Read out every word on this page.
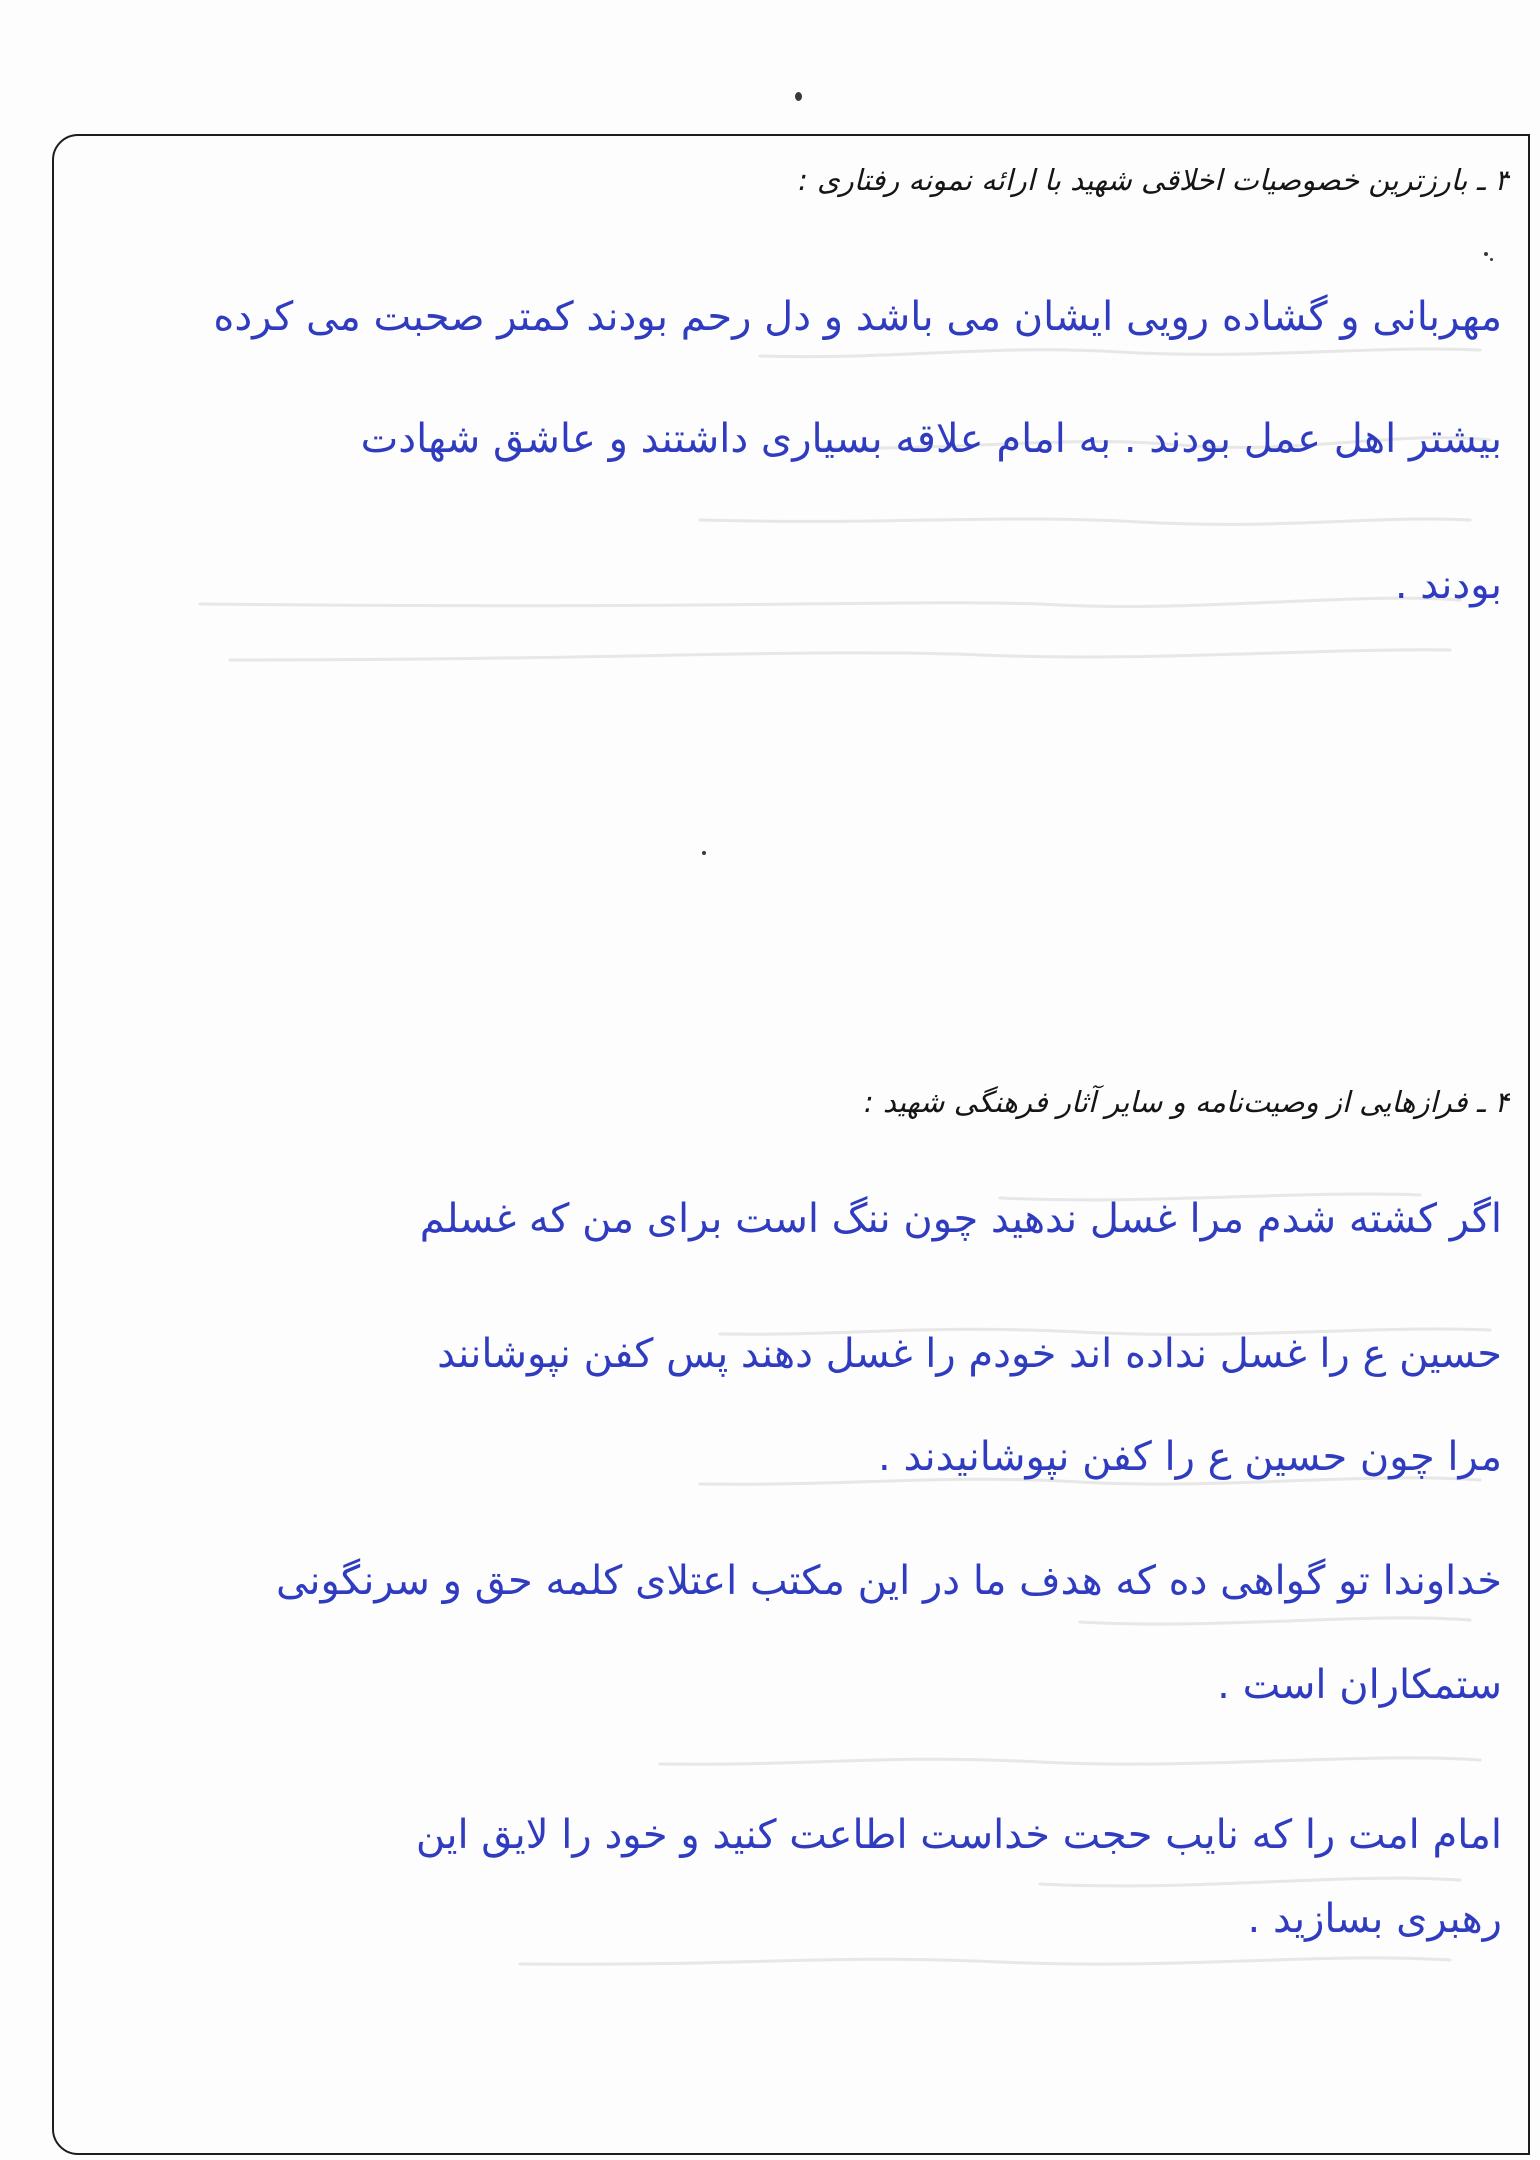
۳ ـ بارزترین خصوصیات اخلاقی شهید با ارائه نمونه رفتاری :
مهربانی و گشاده رویی ایشان می باشد و دل رحم بودند کمتر صحبت می کرده
بیشتر اهل عمل بودند . به امام علاقه بسیاری داشتند و عاشق شهادت
بودند .
۴ ـ فرازهایی از وصیت‌نامه و سایر آثار فرهنگی شهید :
اگر کشته شدم مرا غسل ندهید چون ننگ است برای من که غسلم
حسین ع را غسل نداده اند خودم را غسل دهند پس کفن نپوشانند
مرا چون حسین ع را کفن نپوشانیدند .
خداوندا تو گواهی ده که هدف ما در این مکتب اعتلای کلمه حق و سرنگونی
ستمکاران است .
امام امت را که نایب حجت خداست اطاعت کنید و خود را لایق این
رهبری بسازید .
